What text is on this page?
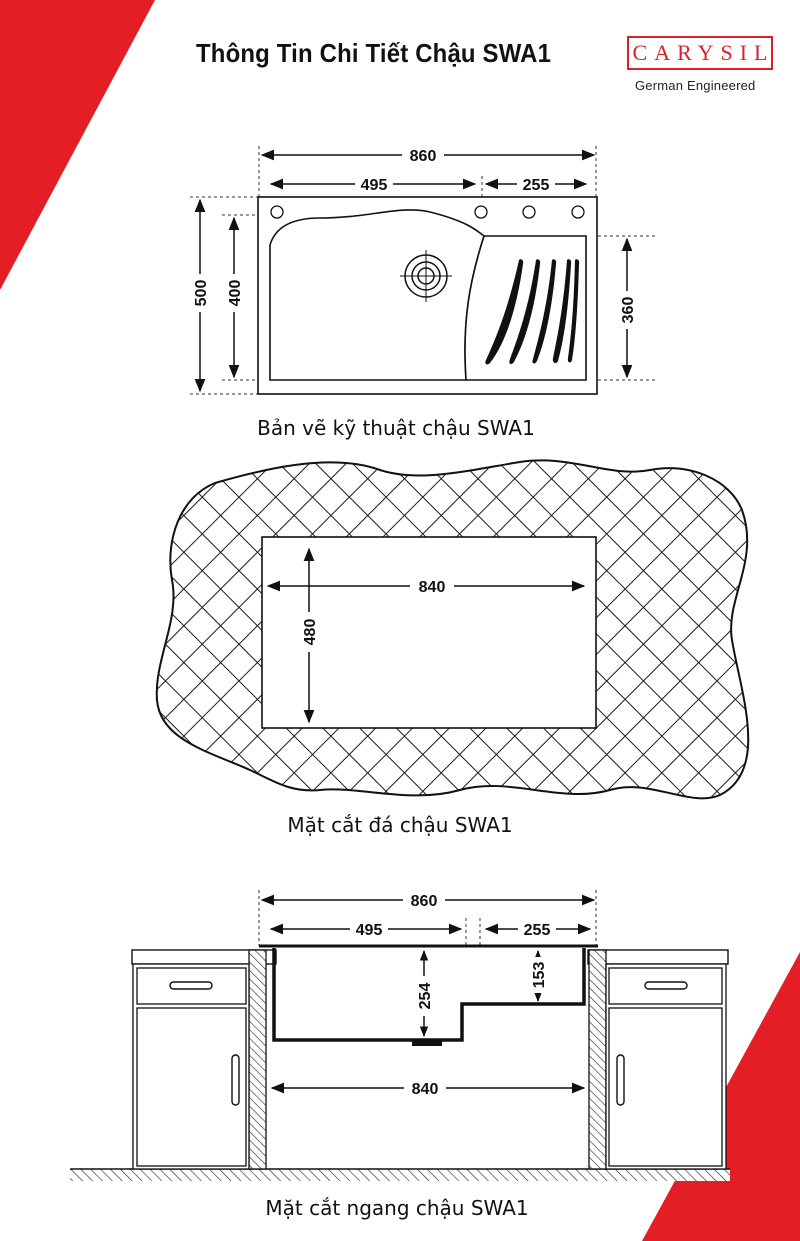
Thông Tin Chi Tiết Chậu SWA1	CARYSIL
German Engineered
860
495	255
500 400
360
840
480
860
495	255
254
153
840
Bản vẽ kỹ thuật chậu SWA1
Mặt cắt đá chậu SWA1
Mặt cắt ngang chậu SWA1
